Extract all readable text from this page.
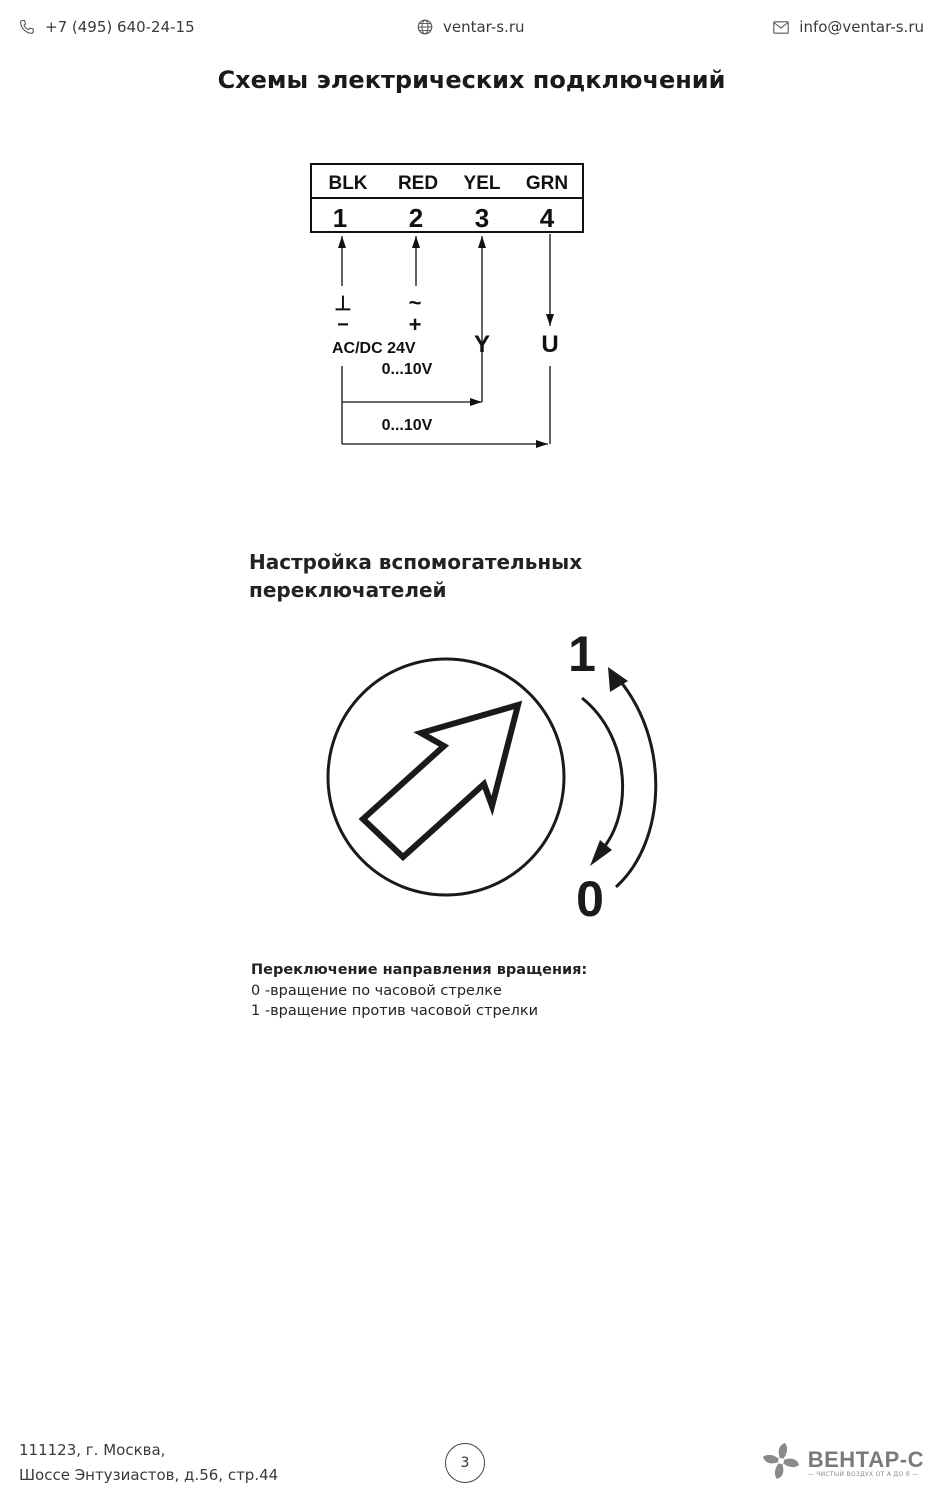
+7 (495) 640-24-15	ventar-s.ru	info@ventar-s.ru
Схемы электрических подключений
BLK RED YEL GRN
1 2 3 4
⊥
−
~
+
AC/DC 24V Y U
0...10V
0...10V
Настройка вспомогательных
переключателей
1
0
Переключение направления вращения:
0 -вращение по часовой стрелке
1 -вращение против часовой стрелки
111123, г. Москва,
Шоссе Энтузиастов, д.56, стр.44
3	ВЕНТАР-С
— ЧИСТЫЙ ВОЗДУХ ОТ А ДО Я —
